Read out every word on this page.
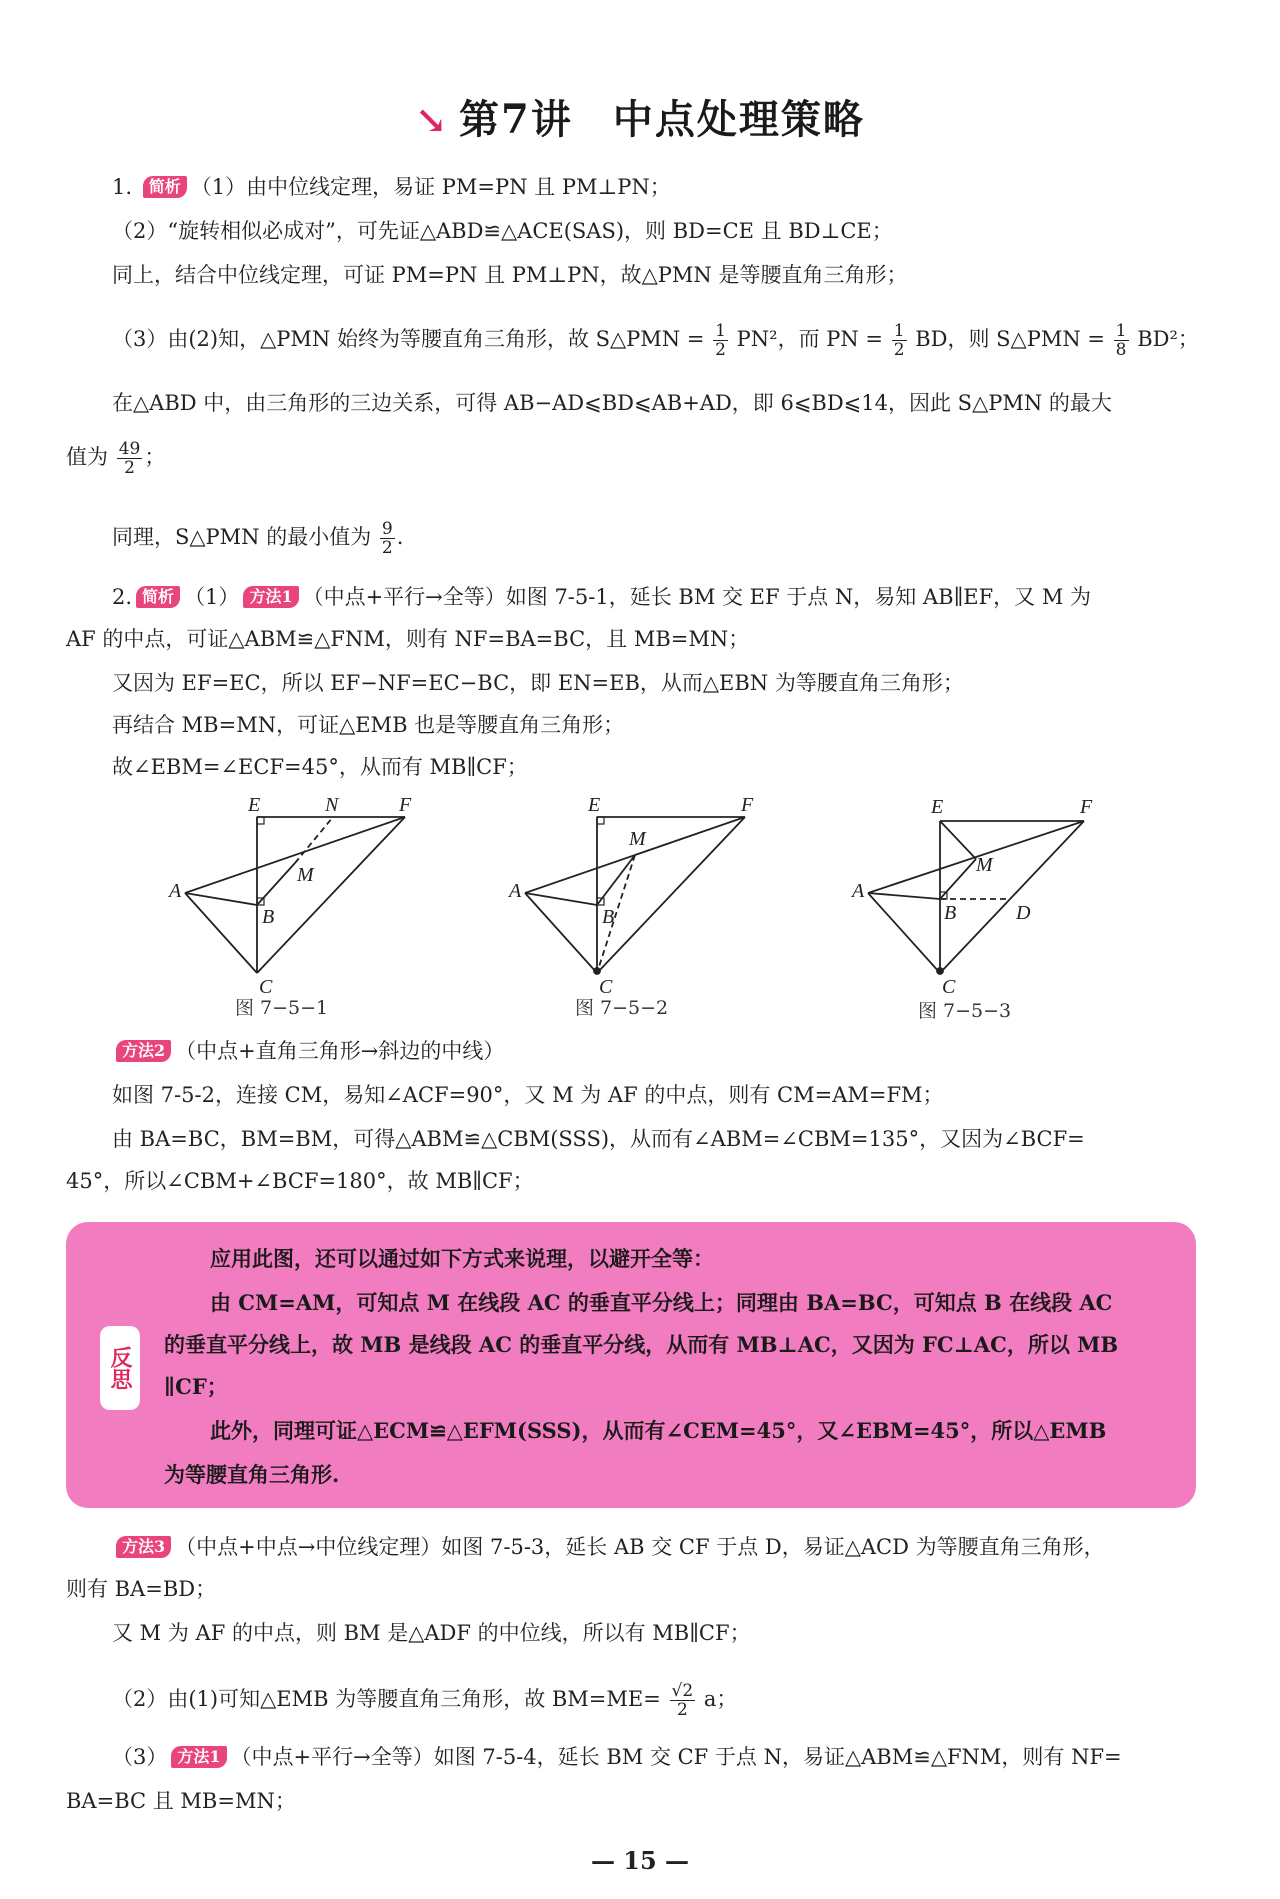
↘ 第7讲 中点处理策略
1. 简析 （1）由中位线定理，易证 PM=PN 且 PM⊥PN；
（2）“旋转相似必成对”，可先证△ABD≌△ACE(SAS)，则 BD=CE 且 BD⊥CE；
同上，结合中位线定理，可证 PM=PN 且 PM⊥PN，故△PMN 是等腰直角三角形；
（3）由(2)知，△PMN 始终为等腰直角三角形，故 S△PMN = $\frac{1}{2} PN^2$，而 PN = $\frac{1}{2}$ BD，则 S△PMN = $\frac{1}{8} BD^2$；
在△ABD 中，由三角形的三边关系，可得 AB−AD⩽BD⩽AB+AD，即 6⩽BD⩽14，因此 S△PMN 的最大
值为 $\frac{49}{2}$ ；
同理，S△PMN 的最小值为 $\frac{9}{2}$ .
2. 简析 （1） 方法1 （中点+平行→全等）如图 7-5-1，延长 BM 交 EF 于点 N，易知 AB∥EF，又 M 为
AF 的中点，可证△ABM≌△FNM，则有 NF=BA=BC，且 MB=MN；
又因为 EF=EC，所以 EF−NF=EC−BC，即 EN=EB，从而△EBN 为等腰直角三角形；
再结合 MB=MN，可证△EMB 也是等腰直角三角形；
故∠EBM=∠ECF=45°，从而有 MB∥CF；
E	N	F
M
A
B
C
图 7−5−1
E	F
M
A
B
C
图 7−5−2
E	F
M
A
B	D
C
图 7−5−3
方法2 （中点+直角三角形→斜边的中线）
如图 7-5-2，连接 CM，易知∠ACF=90°，又 M 为 AF 的中点，则有 CM=AM=FM；
由 BA=BC，BM=BM，可得△ABM≌△CBM(SSS)，从而有∠ABM=∠CBM=135°，又因为∠BCF=
45°，所以∠CBM+∠BCF=180°，故 MB∥CF；
反思
应用此图，还可以通过如下方式来说理，以避开全等：
由 CM=AM，可知点 M 在线段 AC 的垂直平分线上；同理由 BA=BC，可知点 B 在线段 AC
的垂直平分线上，故 MB 是线段 AC 的垂直平分线，从而有 MB⊥AC，又因为 FC⊥AC，所以 MB
∥CF；
此外，同理可证△ECM≌△EFM(SSS)，从而有∠CEM=45°，又∠EBM=45°，所以△EMB
为等腰直角三角形.
方法3 （中点+中点→中位线定理）如图 7-5-3，延长 AB 交 CF 于点 D，易证△ACD 为等腰直角三角形，
则有 BA=BD；
又 M 为 AF 的中点，则 BM 是△ADF 的中位线，所以有 MB∥CF；
（2）由(1)可知△EMB 为等腰直角三角形，故 $BM=ME= \frac{√2}{2}$ a；
（3） 方法1 （中点+平行→全等）如图 7-5-4，延长 BM 交 CF 于点 N，易证△ABM≌△FNM，则有 NF=
BA=BC 且 MB=MN；
— 15 —
